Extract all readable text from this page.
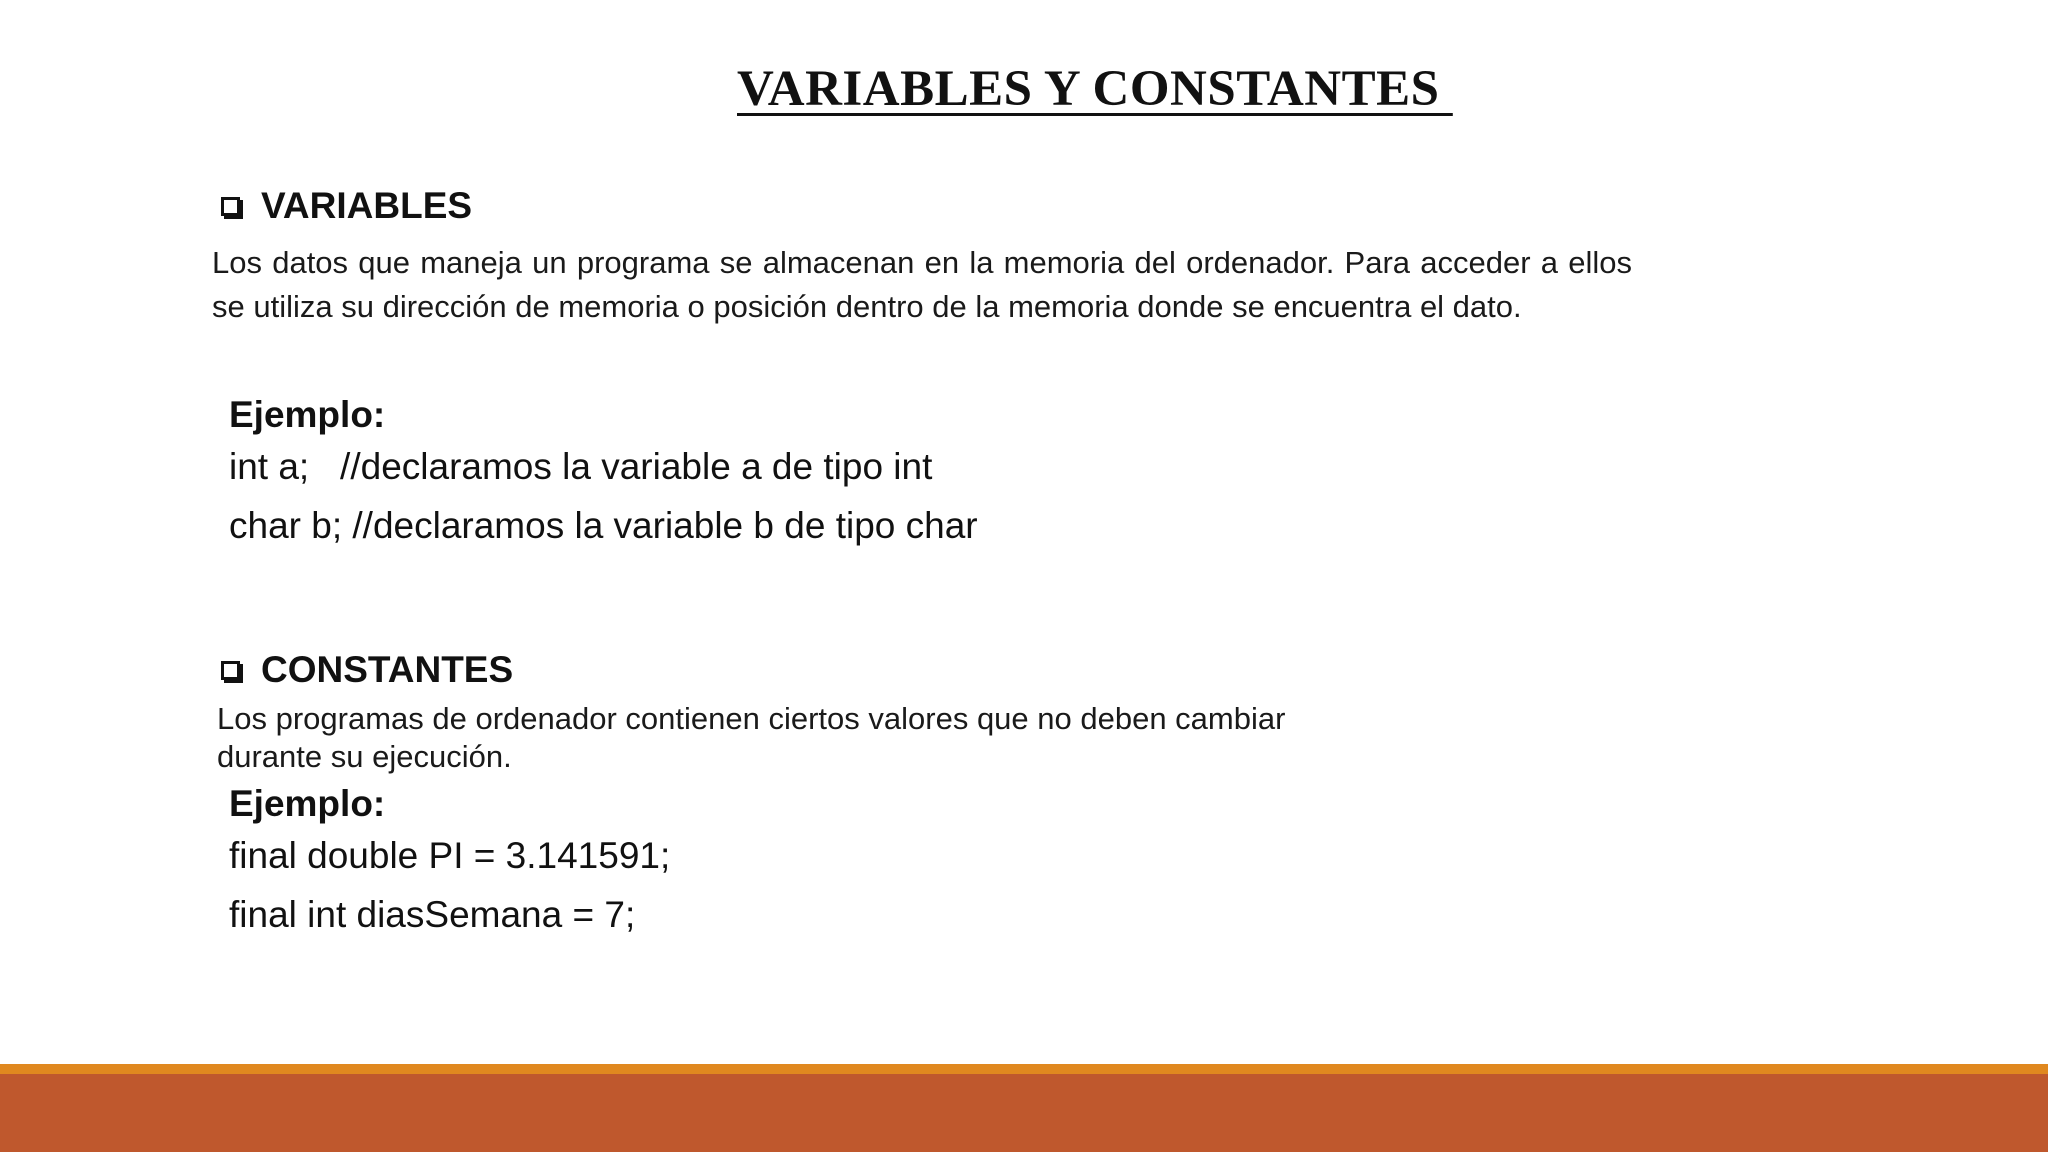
VARIABLES Y CONSTANTES
VARIABLES

Los datos que maneja un programa se almacenan en la memoria del ordenador. Para acceder a ellos se utiliza su dirección de memoria o posición dentro de la memoria donde se encuentra el dato.

Ejemplo:

int a;   //declaramos la variable a de tipo int

char b; //declaramos la variable b de tipo char

CONSTANTES
Los programas de ordenador contienen ciertos valores que no deben cambiar
durante su ejecución.

Ejemplo:

final double PI = 3.141591;

final int diasSemana = 7;
